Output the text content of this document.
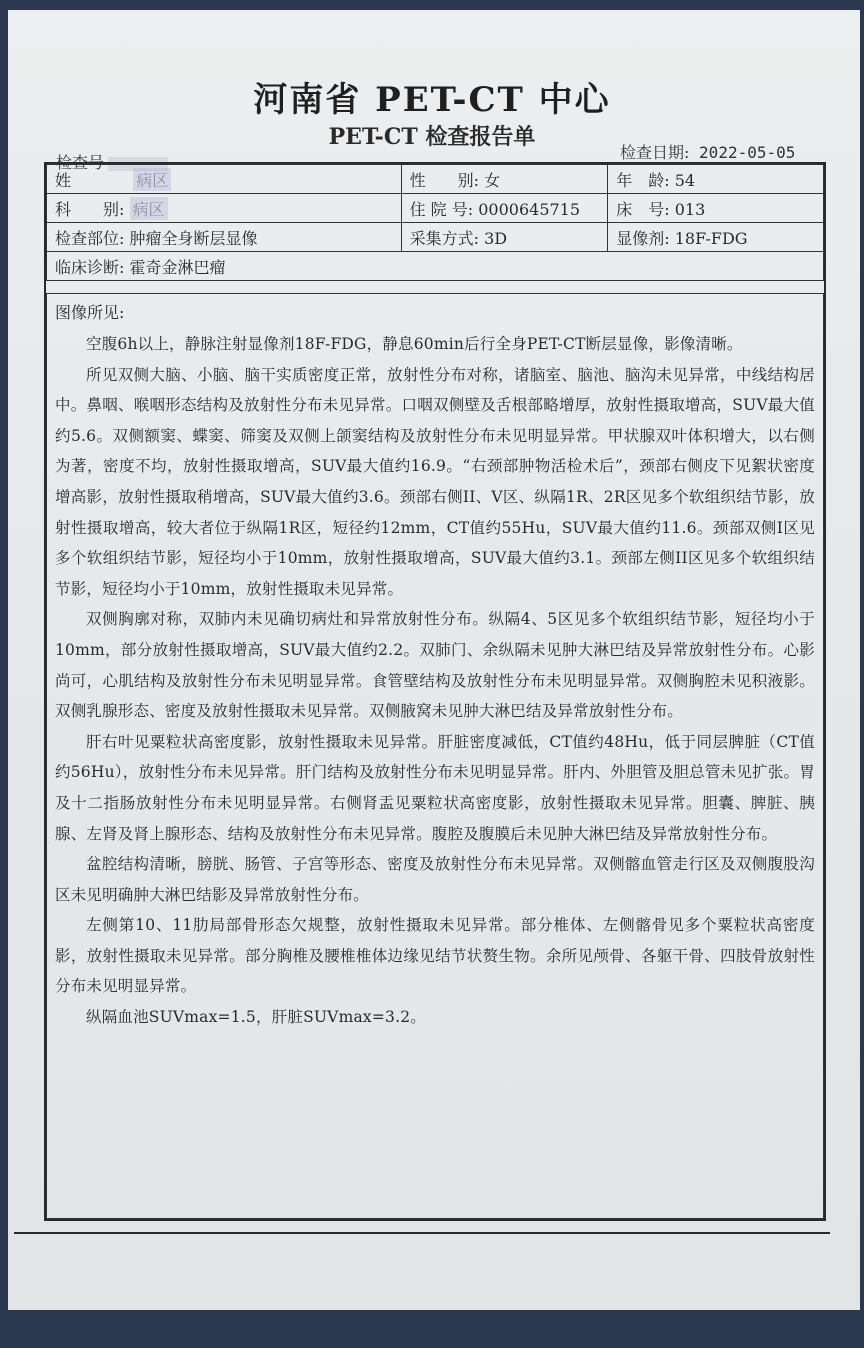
河南省 PET-CT 中心
PET-CT 检查报告单
检查号
检查日期: 2022-05-05
姓 病区	性　　别: 女	年　龄: 54
科　　别: 病区	住 院 号: 0000645715	床　号: 013
检查部位: 肿瘤全身断层显像	采集方式: 3D	显像剂: 18F-FDG
临床诊断: 霍奇金淋巴瘤		
图像所见:

空腹6h以上，静脉注射显像剂18F-FDG，静息60min后行全身PET-CT断层显像，影像清晰。

所见双侧大脑、小脑、脑干实质密度正常，放射性分布对称，诸脑室、脑池、脑沟未见异常，中线结构居中。鼻咽、喉咽形态结构及放射性分布未见异常。口咽双侧壁及舌根部略增厚，放射性摄取增高，SUV最大值约5.6。双侧额窦、蝶窦、筛窦及双侧上颌窦结构及放射性分布未见明显异常。甲状腺双叶体积增大，以右侧为著，密度不均，放射性摄取增高，SUV最大值约16.9。“右颈部肿物活检术后”，颈部右侧皮下见絮状密度增高影，放射性摄取稍增高，SUV最大值约3.6。颈部右侧II、V区、纵隔1R、2R区见多个软组织结节影，放射性摄取增高，较大者位于纵隔1R区，短径约12mm，CT值约55Hu，SUV最大值约11.6。颈部双侧I区见多个软组织结节影，短径均小于10mm，放射性摄取增高，SUV最大值约3.1。颈部左侧II区见多个软组织结节影，短径均小于10mm，放射性摄取未见异常。

双侧胸廓对称，双肺内未见确切病灶和异常放射性分布。纵隔4、5区见多个软组织结节影，短径均小于10mm，部分放射性摄取增高，SUV最大值约2.2。双肺门、余纵隔未见肿大淋巴结及异常放射性分布。心影尚可，心肌结构及放射性分布未见明显异常。食管壁结构及放射性分布未见明显异常。双侧胸腔未见积液影。双侧乳腺形态、密度及放射性摄取未见异常。双侧腋窝未见肿大淋巴结及异常放射性分布。

肝右叶见粟粒状高密度影，放射性摄取未见异常。肝脏密度减低，CT值约48Hu，低于同层脾脏（CT值约56Hu），放射性分布未见异常。肝门结构及放射性分布未见明显异常。肝内、外胆管及胆总管未见扩张。胃及十二指肠放射性分布未见明显异常。右侧肾盂见粟粒状高密度影，放射性摄取未见异常。胆囊、脾脏、胰腺、左肾及肾上腺形态、结构及放射性分布未见异常。腹腔及腹膜后未见肿大淋巴结及异常放射性分布。

盆腔结构清晰，膀胱、肠管、子宫等形态、密度及放射性分布未见异常。双侧髂血管走行区及双侧腹股沟区未见明确肿大淋巴结影及异常放射性分布。

左侧第10、11肋局部骨形态欠规整，放射性摄取未见异常。部分椎体、左侧髂骨见多个粟粒状高密度影，放射性摄取未见异常。部分胸椎及腰椎椎体边缘见结节状赘生物。余所见颅骨、各躯干骨、四肢骨放射性分布未见明显异常。

纵隔血池SUVmax=1.5，肝脏SUVmax=3.2。
